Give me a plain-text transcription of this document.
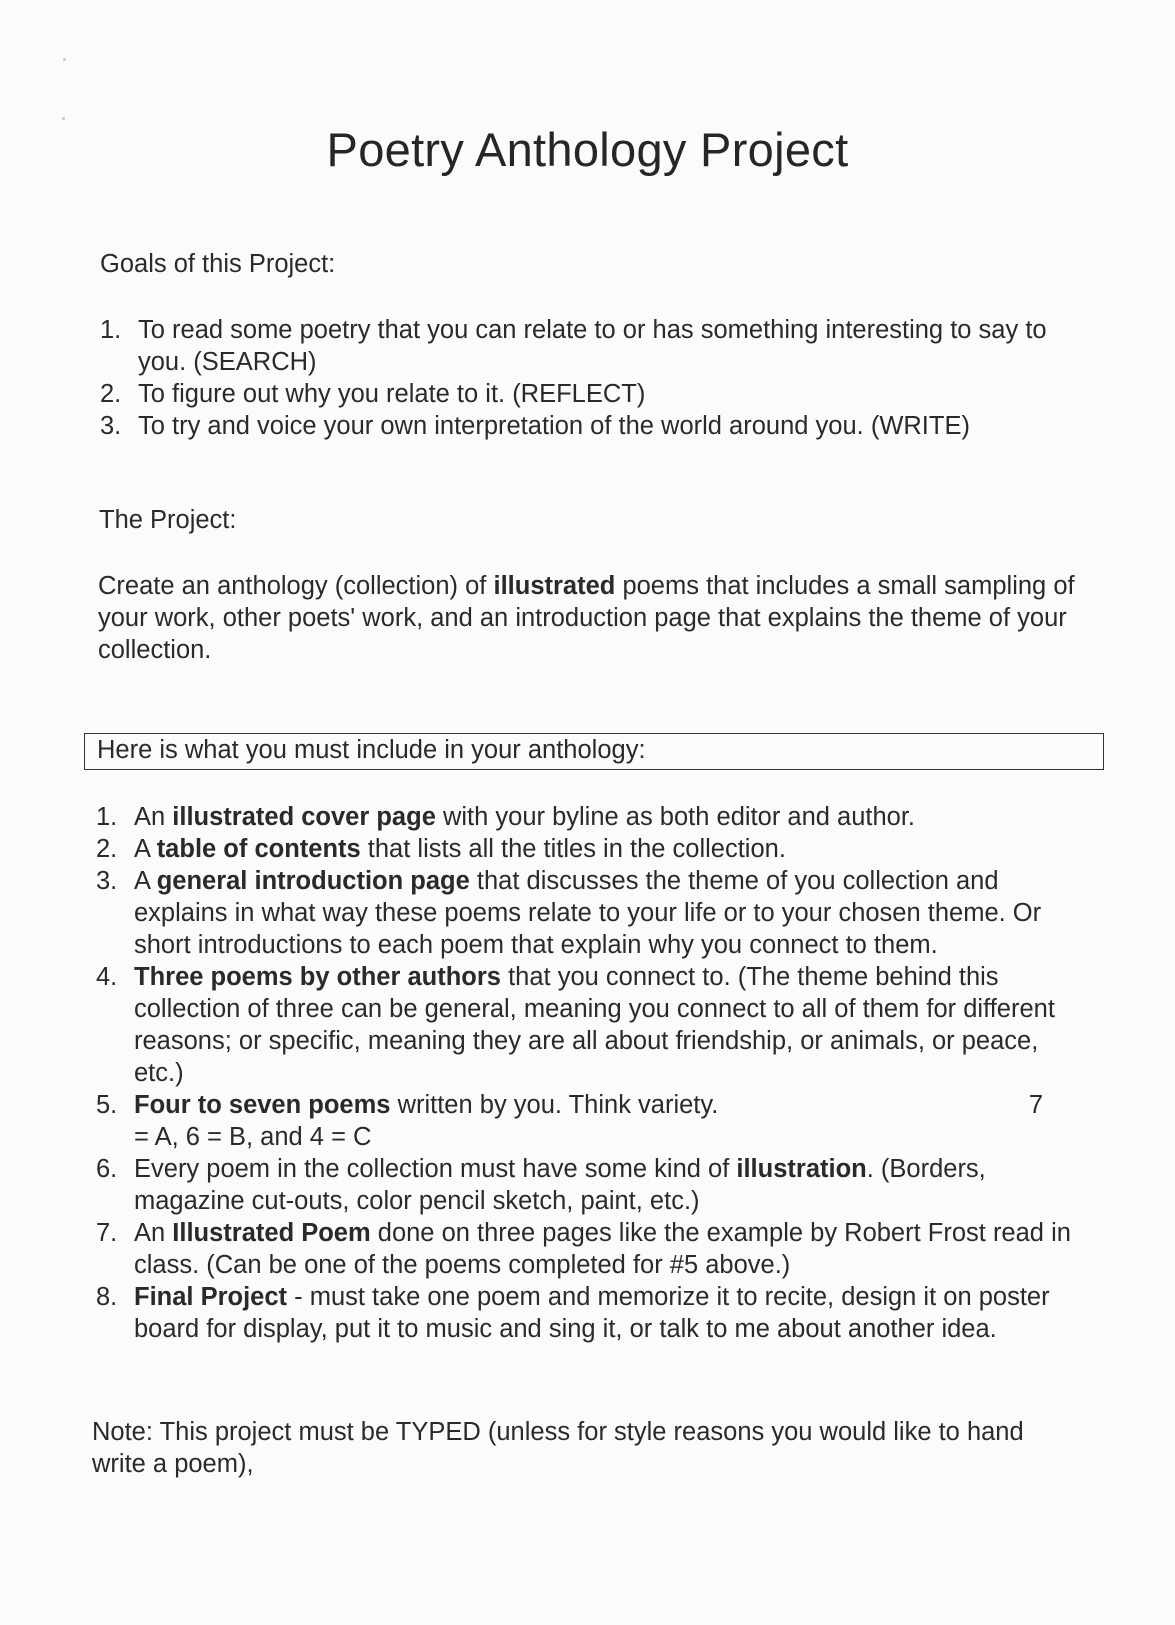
Poetry Anthology Project
Goals of this Project:
1. To read some poetry that you can relate to or has something interesting to say to you. (SEARCH)
2. To figure out why you relate to it. (REFLECT)
3. To try and voice your own interpretation of the world around you. (WRITE)
The Project:
Create an anthology (collection) of illustrated poems that includes a small sampling of your work, other poets' work, and an introduction page that explains the theme of your collection.
Here is what you must include in your anthology:
1. An illustrated cover page with your byline as both editor and author.
2. A table of contents that lists all the titles in the collection.
3. A general introduction page that discusses the theme of you collection and explains in what way these poems relate to your life or to your chosen theme. Or short introductions to each poem that explain why you connect to them.
4. Three poems by other authors that you connect to. (The theme behind this collection of three can be general, meaning you connect to all of them for different reasons; or specific, meaning they are all about friendship, or animals, or peace, etc.)
5. Four to seven poems written by you. Think variety.	7
= A, 6 = B, and 4 = C
6. Every poem in the collection must have some kind of illustration. (Borders, magazine cut-outs, color pencil sketch, paint, etc.)
7. An Illustrated Poem done on three pages like the example by Robert Frost read in class. (Can be one of the poems completed for #5 above.)
8. Final Project - must take one poem and memorize it to recite, design it on poster board for display, put it to music and sing it, or talk to me about another idea.
Note: This project must be TYPED (unless for style reasons you would like to hand write a poem),
